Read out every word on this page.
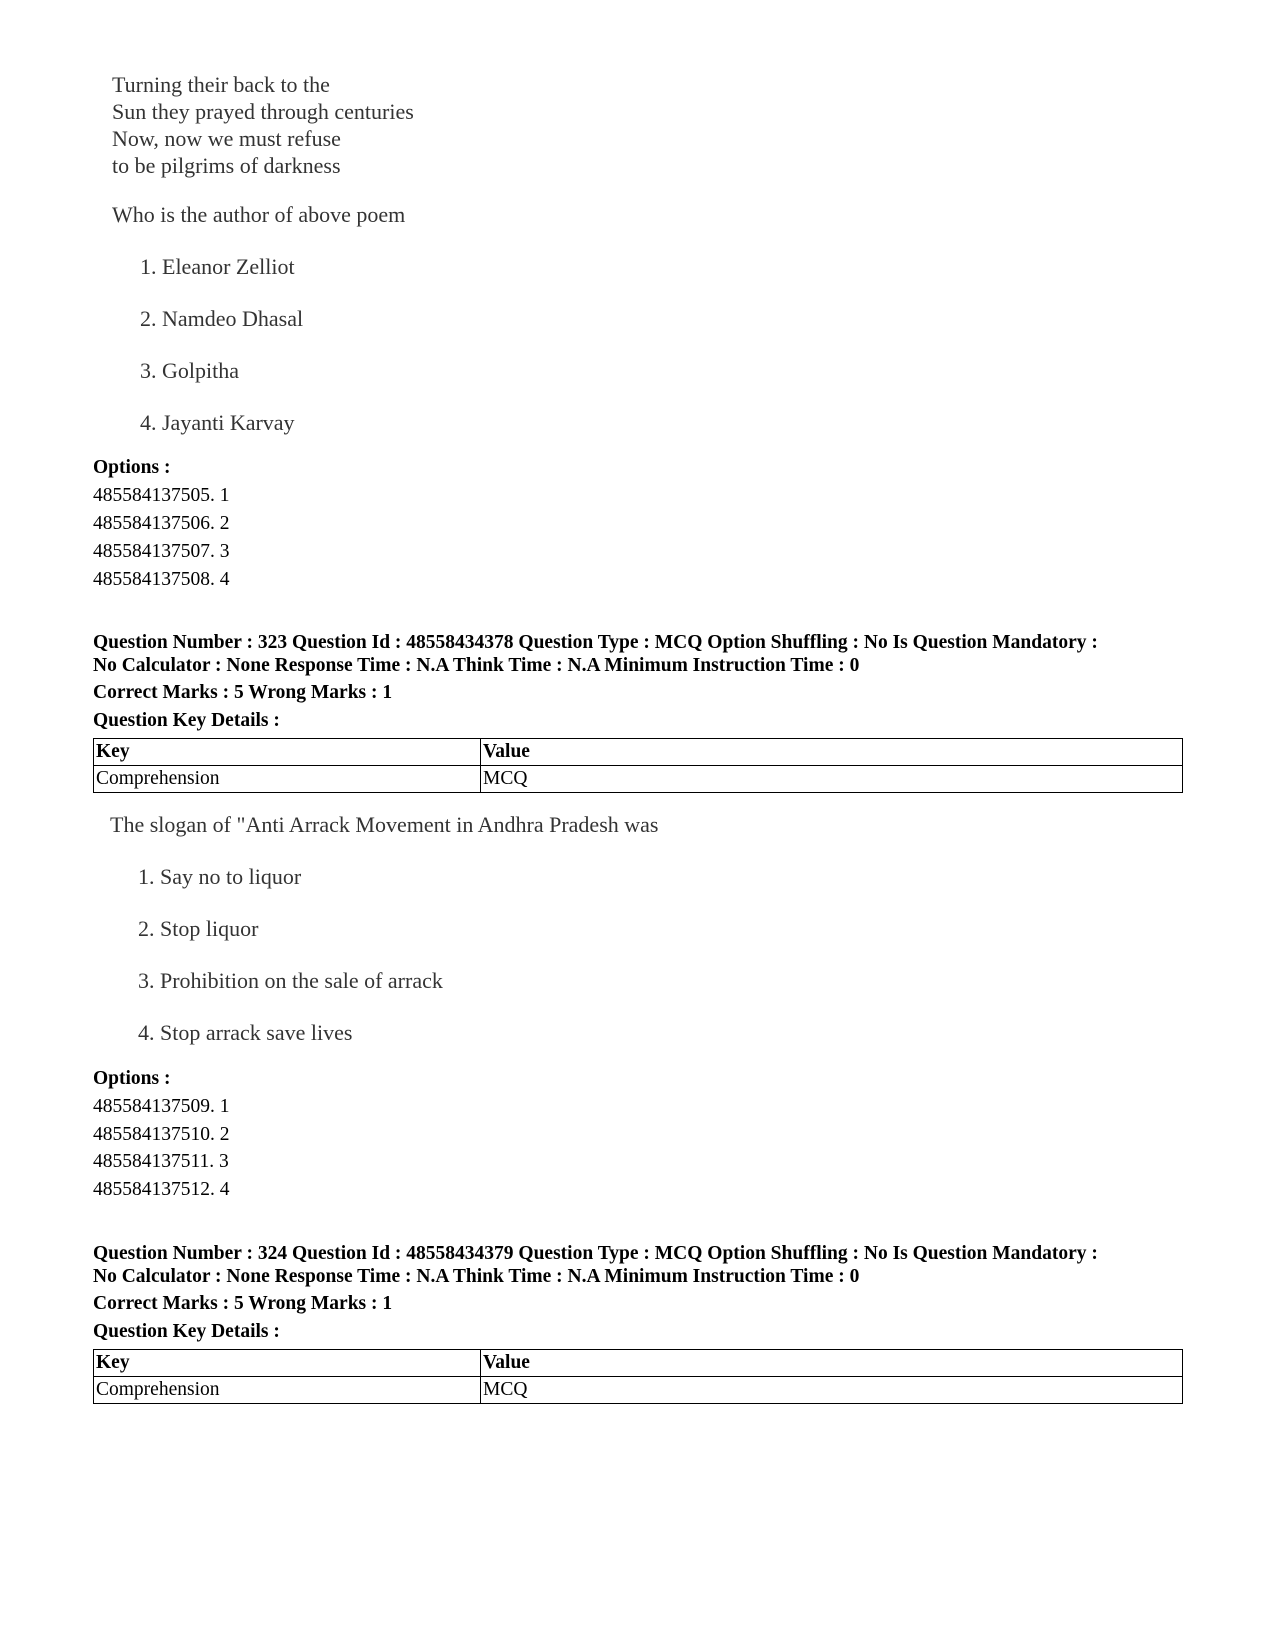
Turning their back to the
Sun they prayed through centuries
Now, now we must refuse
to be pilgrims of darkness
Who is the author of above poem
1. Eleanor Zelliot
2. Namdeo Dhasal
3. Golpitha
4. Jayanti Karvay
Options :
485584137505. 1
485584137506. 2
485584137507. 3
485584137508. 4
Question Number : 323 Question Id : 48558434378 Question Type : MCQ Option Shuffling : No Is Question Mandatory :
No Calculator : None Response Time : N.A Think Time : N.A Minimum Instruction Time : 0
Correct Marks : 5 Wrong Marks : 1
Question Key Details :
Key	Value
Comprehension	MCQ
The slogan of "Anti Arrack Movement in Andhra Pradesh was
1. Say no to liquor
2. Stop liquor
3. Prohibition on the sale of arrack
4. Stop arrack save lives
Options :
485584137509. 1
485584137510. 2
485584137511. 3
485584137512. 4
Question Number : 324 Question Id : 48558434379 Question Type : MCQ Option Shuffling : No Is Question Mandatory :
No Calculator : None Response Time : N.A Think Time : N.A Minimum Instruction Time : 0
Correct Marks : 5 Wrong Marks : 1
Question Key Details :
Key	Value
Comprehension	MCQ
